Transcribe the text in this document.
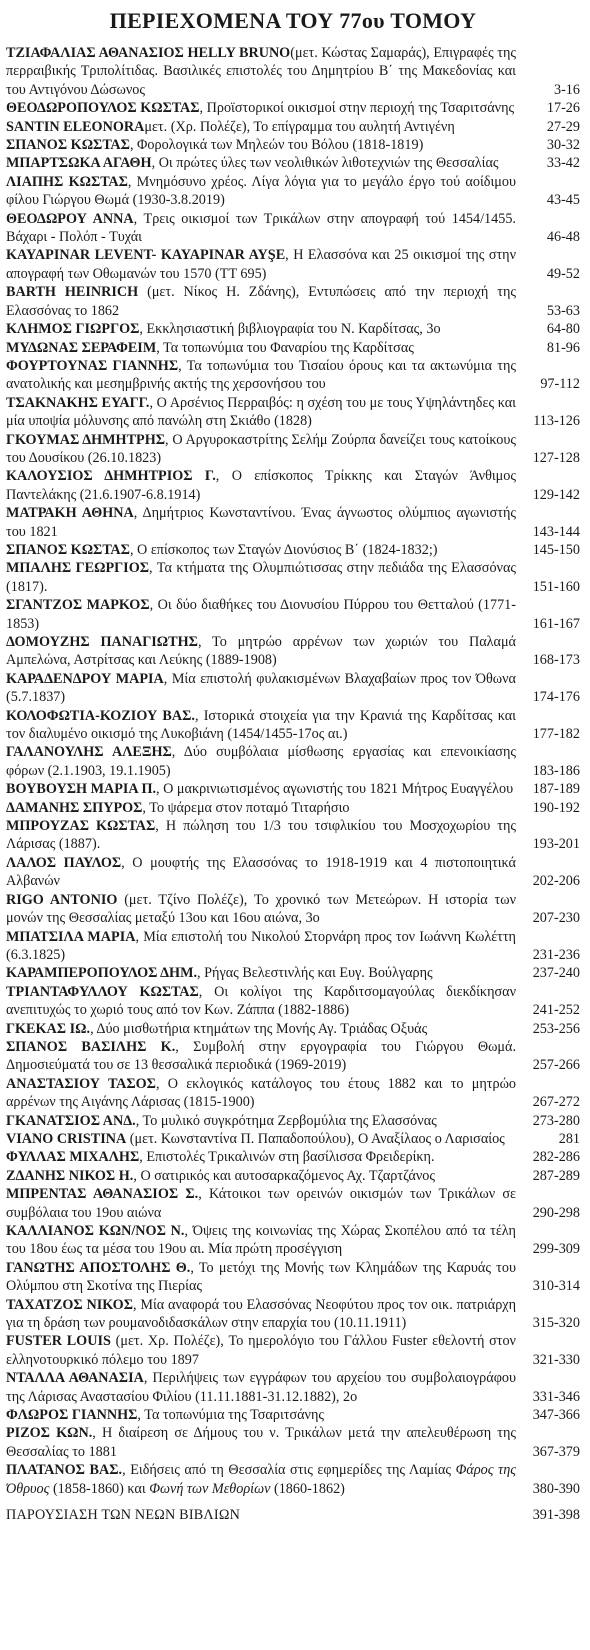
ΠΕΡΙΕΧΟΜΕΝΑ ΤΟΥ 77ου ΤΟΜΟΥ
ΤΖΙΑΦΑΛΙΑΣ ΑΘΑΝΑΣΙΟΣ HELLY BRUNO(μετ. Κώστας Σαμαράς), Επιγραφές της περραιβικής Τριπολίτιδας. Βασιλικές επιστολές του Δημητρίου Β΄ της Μακεδονίας και του Αντιγόνου Δώσωνος	3-16
ΘΕΟΔΩΡΟΠΟΥΛΟΣ ΚΩΣΤΑΣ, Προϊστορικοί οικισμοί στην περιοχή της Τσαριτσάνης	17-26
SANTIN ELEONORAμετ. (Χρ. Πολέζε), Το επίγραμμα του αυλητή Αντιγένη	27-29
ΣΠΑΝΟΣ ΚΩΣΤΑΣ, Φορολογικά των Μηλεών του Βόλου (1818-1819)	30-32
ΜΠΑΡΤΣΩΚΑ ΑΓΑΘΗ, Οι πρώτες ύλες των νεολιθικών λιθοτεχνιών της Θεσσαλίας	33-42
ΛΙΑΠΗΣ ΚΩΣΤΑΣ, Μνημόσυνο χρέος. Λίγα λόγια για το μεγάλο έργο τού αοίδιμου φίλου Γιώργου Θωμά (1930-3.8.2019)	43-45
ΘΕΟΔΩΡΟΥ ΑΝΝΑ, Τρεις οικισμοί των Τρικάλων στην απογραφή τού 1454/1455. Βάχαρι - Πολόπ - Τυχάι	46-48
KAYAPINAR LEVENT- KAYAPINAR AYŞE, Η Ελασσόνα και 25 οικισμοί της στην απογραφή των Οθωμανών του 1570 (TT 695)	49-52
BARTH HEINRICH (μετ. Νίκος Η. Ζδάνης), Εντυπώσεις από την περιοχή της Ελασσόνας το 1862	53-63
ΚΛΗΜΟΣ ΓΙΩΡΓΟΣ, Εκκλησιαστική βιβλιογραφία του Ν. Καρδίτσας, 3ο	64-80
ΜΥΔΩΝΑΣ ΣΕΡΑΦΕΙΜ, Τα τοπωνύμια του Φαναρίου της Καρδίτσας	81-96
ΦΟΥΡΤΟΥΝΑΣ ΓΙΑΝΝΗΣ, Τα τοπωνύμια του Τισαίου όρους και τα ακτωνύμια της ανατολικής και μεσημβρινής ακτής της χερσονήσου του	97-112
ΤΣΑΚΝΑΚΗΣ ΕΥΑΓΓ., Ο Αρσένιος Περραιβός: η σχέση του με τους Υψηλάντηδες και μία υποψία μόλυνσης από πανώλη στη Σκιάθο (1828)	113-126
ΓΚΟΥΜΑΣ ΔΗΜΗΤΡΗΣ, Ο Αργυροκαστρίτης Σελήμ Ζούρπα δανείζει τους κατοίκους του Δουσίκου (26.10.1823)	127-128
ΚΑΛΟΥΣΙΟΣ ΔΗΜΗΤΡΙΟΣ Γ., Ο επίσκοπος Τρίκκης και Σταγών Άνθιμος Παντελάκης (21.6.1907-6.8.1914)	129-142
ΜΑΤΡΑΚΗ ΑΘΗΝΑ, Δημήτριος Κωνσταντίνου. Ένας άγνωστος ολύμπιος αγωνιστής του 1821	143-144
ΣΠΑΝΟΣ ΚΩΣΤΑΣ, Ο επίσκοπος των Σταγών Διονύσιος Β΄ (1824-1832;)	145-150
ΜΠΑΛΗΣ ΓΕΩΡΓΙΟΣ, Τα κτήματα της Ολυμπιώτισσας στην πεδιάδα της Ελασσόνας (1817).	151-160
ΣΓΑΝΤΖΟΣ ΜΑΡΚΟΣ, Οι δύο διαθήκες του Διονυσίου Πύρρου του Θετταλού (1771-1853)	161-167
ΔΟΜΟΥΖΗΣ ΠΑΝΑΓΙΩΤΗΣ, Το μητρώο αρρένων των χωριών του Παλαμά Αμπελώνα, Αστρίτσας και Λεύκης (1889-1908)	168-173
ΚΑΡΑΔΕΝΔΡΟΥ ΜΑΡΙΑ, Μία επιστολή φυλακισμένων Βλαχαβαίων προς τον Όθωνα (5.7.1837)	174-176
ΚΟΛΟΦΩΤΙΑ-ΚΟΖΙΟΥ ΒΑΣ., Ιστορικά στοιχεία για την Κρανιά της Καρδίτσας και τον διαλυμένο οικισμό της Λυκοβιάνη (1454/1455-17ος αι.)	177-182
ΓΑΛΑΝΟΥΛΗΣ ΑΛΕΞΗΣ, Δύο συμβόλαια μίσθωσης εργασίας και επενοικίασης φόρων (2.1.1903, 19.1.1905)	183-186
ΒΟΥΒΟΥΣΗ ΜΑΡΙΑ Π., Ο μακρινιωτισμένος αγωνιστής του 1821 Μήτρος Ευαγγέλου	187-189
ΔΑΜΑΝΗΣ ΣΠΥΡΟΣ, Το ψάρεμα στον ποταμό Τιταρήσιο	190-192
ΜΠΡΟΥΖΑΣ ΚΩΣΤΑΣ, Η πώληση του 1/3 του τσιφλικίου του Μοσχοχωρίου της Λάρισας (1887).	193-201
ΛΑΛΟΣ ΠΑΥΛΟΣ, Ο μουφτής της Ελασσόνας το 1918-1919 και 4 πιστοποιητικά Αλβανών	202-206
RIGO ANTONIO (μετ. Τζίνο Πολέζε), Το χρονικό των Μετεώρων. Η ιστορία των μονών της Θεσσαλίας μεταξύ 13ου και 16ου αιώνα, 3ο	207-230
ΜΠΑΤΣΙΛΑ ΜΑΡΙΑ, Μία επιστολή του Νικολού Στορνάρη προς τον Ιωάννη Κωλέττη (6.3.1825)	231-236
ΚΑΡΑΜΠΕΡΟΠΟΥΛΟΣ ΔΗΜ., Ρήγας Βελεστινλής και Ευγ. Βούλγαρης	237-240
ΤΡΙΑΝΤΑΦΥΛΛΟΥ ΚΩΣΤΑΣ, Οι κολίγοι της Καρδιτσομαγούλας διεκδίκησαν ανεπιτυχώς το χωριό τους από τον Κων. Ζάππα (1882-1886)	241-252
ΓΚΕΚΑΣ ΙΩ., Δύο μισθωτήρια κτημάτων της Μονής Αγ. Τριάδας Οξυάς	253-256
ΣΠΑΝΟΣ ΒΑΣΙΛΗΣ Κ., Συμβολή στην εργογραφία του Γιώργου Θωμά. Δημοσιεύματά του σε 13 θεσσαλικά περιοδικά (1969-2019)	257-266
ΑΝΑΣΤΑΣΙΟΥ ΤΑΣΟΣ, Ο εκλογικός κατάλογος του έτους 1882 και το μητρώο αρρένων της Αιγάνης Λάρισας (1815-1900)	267-272
ΓΚΑΝΑΤΣΙΟΣ ΑΝΔ., Το μυλικό συγκρότημα Ζερβομύλια της Ελασσόνας	273-280
VIANO CRISTINA (μετ. Κωνσταντίνα Π. Παπαδοπούλου), Ο Αναξίλαος ο Λαρισαίος	281
ΦΥΛΛΑΣ ΜΙΧΑΛΗΣ, Επιστολές Τρικαλινών στη βασίλισσα Φρειδερίκη.	282-286
ΖΔΑΝΗΣ ΝΙΚΟΣ Η., Ο σατιρικός και αυτοσαρκαζόμενος Αχ. Τζαρτζάνος	287-289
ΜΠΡΕΝΤΑΣ ΑΘΑΝΑΣΙΟΣ Σ., Κάτοικοι των ορεινών οικισμών των Τρικάλων σε συμβόλαια του 19ου αιώνα	290-298
ΚΑΛΛΙΑΝΟΣ ΚΩΝ/ΝΟΣ Ν., Όψεις της κοινωνίας της Χώρας Σκοπέλου από τα τέλη του 18ου έως τα μέσα του 19ου αι. Μία πρώτη προσέγγιση	299-309
ΓΑΝΩΤΗΣ ΑΠΟΣΤΟΛΗΣ Θ., Το μετόχι της Μονής των Κλημάδων της Καρυάς του Ολύμπου στη Σκοτίνα της Πιερίας	310-314
ΤΑΧΑΤΖΟΣ ΝΙΚΟΣ, Μία αναφορά του Ελασσόνας Νεοφύτου προς τον οικ. πατριάρχη για τη δράση των ρουμανοδιδασκάλων στην επαρχία του (10.11.1911)	315-320
FUSTER LOUIS (μετ. Χρ. Πολέζε), Το ημερολόγιο του Γάλλου Fuster εθελοντή στον ελληνοτουρκικό πόλεμο του 1897	321-330
ΝΤΑΛΛΑ ΑΘΑΝΑΣΙΑ, Περιλήψεις των εγγράφων του αρχείου του συμβολαιογράφου της Λάρισας Αναστασίου Φιλίου (11.11.1881-31.12.1882), 2ο	331-346
ΦΛΩΡΟΣ ΓΙΑΝΝΗΣ, Τα τοπωνύμια της Τσαριτσάνης	347-366
ΡΙΖΟΣ ΚΩΝ., Η διαίρεση σε Δήμους του ν. Τρικάλων μετά την απελευθέρωση της Θεσσαλίας το 1881	367-379
ΠΛΑΤΑΝΟΣ ΒΑΣ., Ειδήσεις από τη Θεσσαλία στις εφημερίδες της Λαμίας Φάρος της Όθρυος (1858-1860) και Φωνή των Μεθορίων (1860-1862)	380-390
ΠΑΡΟΥΣΙΑΣΗ ΤΩΝ ΝΕΩΝ ΒΙΒΛΙΩΝ	391-398
